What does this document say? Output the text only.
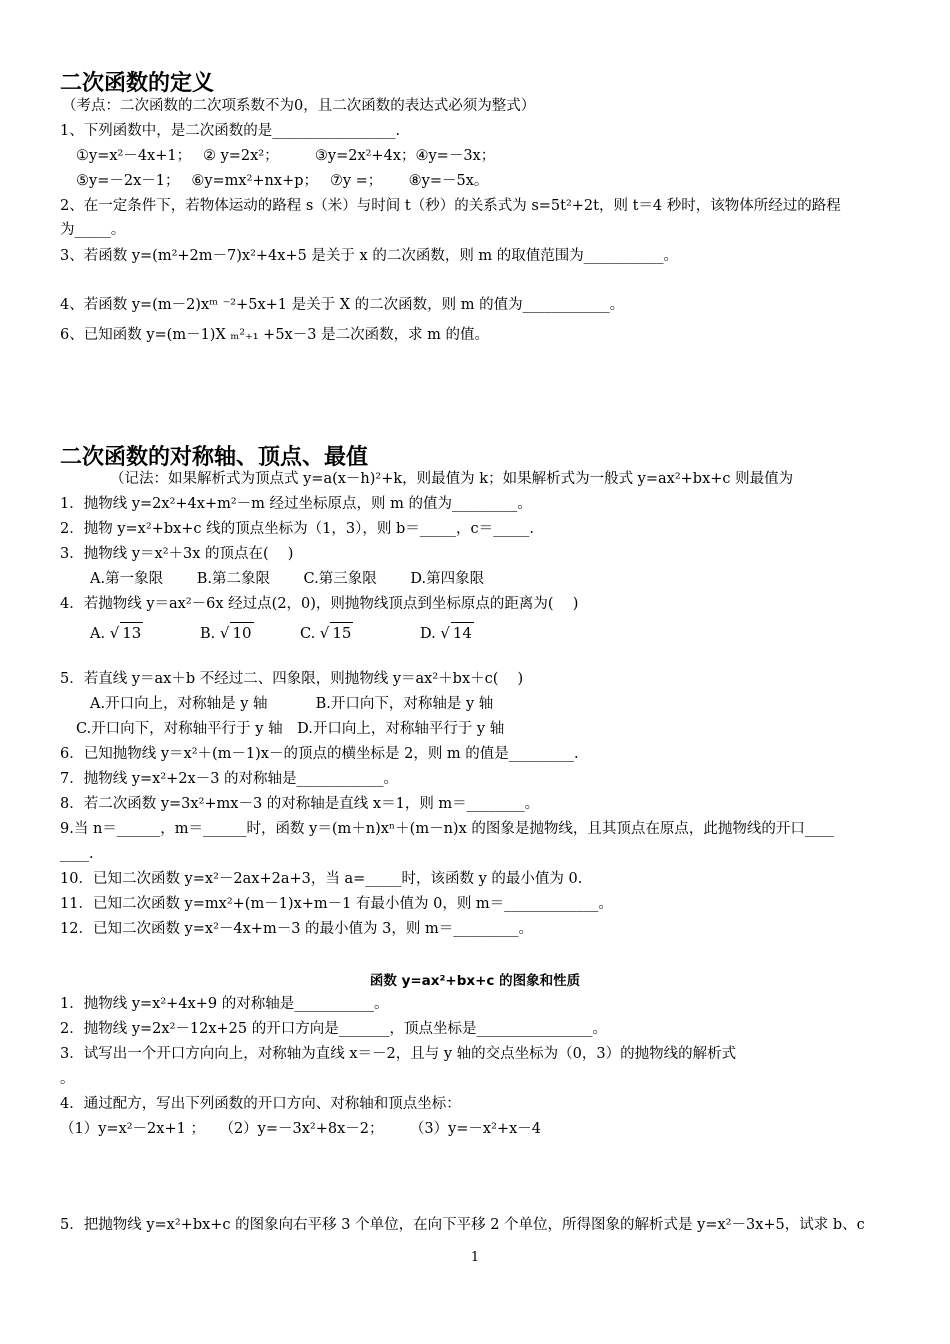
二次函数的定义
（考点：二次函数的二次项系数不为0，且二次函数的表达式必须为整式）
1、下列函数中，是二次函数的是_________________.
①y=x²－4x+1；　 ② y=2x²；　　　③y=2x²+4x；④y=－3x；
⑤y=－2x－1；　 ⑥y=mx²+nx+p；　 ⑦y =；　　 ⑧y=－5x。
2、在一定条件下，若物体运动的路程 s（米）与时间 t（秒）的关系式为 s=5t²+2t，则 t＝4 秒时，该物体所经过的路程
为_____。
3、若函数 y=(m²+2m－7)x²+4x+5 是关于 x 的二次函数，则 m 的取值范围为___________。
4、若函数 y=(m－2)xᵐ ⁻²+5x+1 是关于 X 的二次函数，则 m 的值为____________。
6、已知函数 y=(m－1)X ₘ²₊₁ +5x－3 是二次函数，求 m 的值。
二次函数的对称轴、顶点、最值
（记法：如果解析式为顶点式 y=a(x－h)²+k，则最值为 k；如果解析式为一般式 y=ax²+bx+c 则最值为
1．抛物线 y=2x²+4x+m²－m 经过坐标原点，则 m 的值为_________。
2．抛物 y=x²+bx+c 线的顶点坐标为（1，3），则 b＝_____，c＝_____.
3．抛物线 y＝x²＋3x 的顶点在(　 )
A.第一象限　　 B.第二象限　　 C.第三象限　　 D.第四象限
4．若抛物线 y＝ax²－6x 经过点(2，0)，则抛物线顶点到坐标原点的距离为(　 )
A. √ 13	B. √ 10	C. √ 15	D. √ 14
5．若直线 y＝ax＋b 不经过二、四象限，则抛物线 y＝ax²＋bx＋c(　 )
A.开口向上，对称轴是 y 轴　　　 B.开口向下，对称轴是 y 轴
C.开口向下，对称轴平行于 y 轴　D.开口向上，对称轴平行于 y 轴
6．已知抛物线 y＝x²＋(m－1)x－的顶点的横坐标是 2，则 m 的值是_________.
7．抛物线 y=x²+2x－3 的对称轴是____________。
8．若二次函数 y=3x²+mx－3 的对称轴是直线 x＝1，则 m＝________。
9.当 n＝______，m＝______时，函数 y＝(m＋n)xⁿ＋(m－n)x 的图象是抛物线，且其顶点在原点，此抛物线的开口____
____.
10．已知二次函数 y=x²－2ax+2a+3，当 a=_____时，该函数 y 的最小值为 0.
11．已知二次函数 y=mx²+(m－1)x+m－1 有最小值为 0，则 m＝_____________。
12．已知二次函数 y=x²－4x+m－3 的最小值为 3，则 m＝_________。
函数 y=ax²+bx+c 的图象和性质
1．抛物线 y=x²+4x+9 的对称轴是___________。
2．抛物线 y=2x²－12x+25 的开口方向是_______，顶点坐标是________________。
3．试写出一个开口方向向上，对称轴为直线 x＝－2，且与 y 轴的交点坐标为（0，3）的抛物线的解析式
。
4．通过配方，写出下列函数的开口方向、对称轴和顶点坐标：
（1）y=x²－2x+1 ；　　（2）y=－3x²+8x－2；　　 （3）y=－x²+x－4
5．把抛物线 y=x²+bx+c 的图象向右平移 3 个单位，在向下平移 2 个单位，所得图象的解析式是 y=x²－3x+5，试求 b、c
1
